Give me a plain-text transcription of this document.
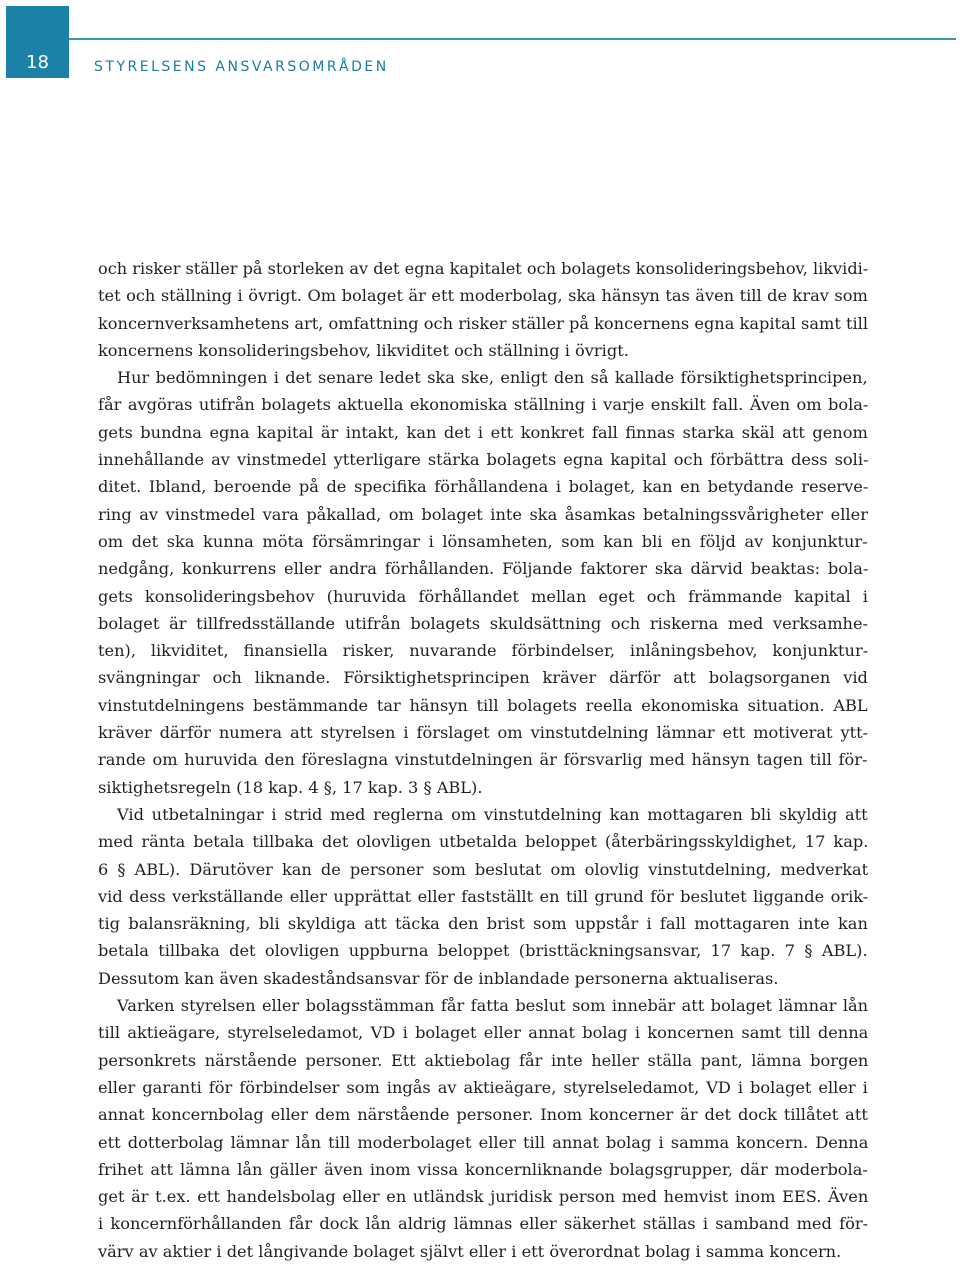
18	STYRELSENS ANSVARSOMRÅDEN
och risker ställer på storleken av det egna kapitalet och bolagets konsolideringsbehov, likvidi-
tet och ställning i övrigt. Om bolaget är ett moderbolag, ska hänsyn tas även till de krav som
koncernverksamhetens art, omfattning och risker ställer på koncernens egna kapital samt till
koncernens konsolideringsbehov, likviditet och ställning i övrigt.
Hur bedömningen i det senare ledet ska ske, enligt den så kallade försiktighetsprincipen,
får avgöras utifrån bolagets aktuella ekonomiska ställning i varje enskilt fall. Även om bola-
gets bundna egna kapital är intakt, kan det i ett konkret fall finnas starka skäl att genom
innehållande av vinstmedel ytterligare stärka bolagets egna kapital och förbättra dess soli-
ditet. Ibland, beroende på de specifika förhållandena i bolaget, kan en betydande reserve-
ring av vinstmedel vara påkallad, om bolaget inte ska åsamkas betalningssvårigheter eller
om det ska kunna möta försämringar i lönsamheten, som kan bli en följd av konjunktur-
nedgång, konkurrens eller andra förhållanden. Följande faktorer ska därvid beaktas: bola-
gets konsolideringsbehov (huruvida förhållandet mellan eget och främmande kapital i
bolaget är tillfredsställande utifrån bolagets skuldsättning och riskerna med verksamhe-
ten), likviditet, finansiella risker, nuvarande förbindelser, inlåningsbehov, konjunktur-
svängningar och liknande. Försiktighetsprincipen kräver därför att bolagsorganen vid
vinstutdelningens bestämmande tar hänsyn till bolagets reella ekonomiska situation. ABL
kräver därför numera att styrelsen i förslaget om vinstutdelning lämnar ett motiverat ytt-
rande om huruvida den föreslagna vinstutdelningen är försvarlig med hänsyn tagen till för-
siktighetsregeln (18 kap. 4 §, 17 kap. 3 § ABL).
Vid utbetalningar i strid med reglerna om vinstutdelning kan mottagaren bli skyldig att
med ränta betala tillbaka det olovligen utbetalda beloppet (återbäringsskyldighet, 17 kap.
6 § ABL). Därutöver kan de personer som beslutat om olovlig vinstutdelning, medverkat
vid dess verkställande eller upprättat eller fastställt en till grund för beslutet liggande orik-
tig balansräkning, bli skyldiga att täcka den brist som uppstår i fall mottagaren inte kan
betala tillbaka det olovligen uppburna beloppet (bristtäckningsansvar, 17 kap. 7 § ABL).
Dessutom kan även skadeståndsansvar för de inblandade personerna aktualiseras.
Varken styrelsen eller bolagsstämman får fatta beslut som innebär att bolaget lämnar lån
till aktieägare, styrelseledamot, VD i bolaget eller annat bolag i koncernen samt till denna
personkrets närstående personer. Ett aktiebolag får inte heller ställa pant, lämna borgen
eller garanti för förbindelser som ingås av aktieägare, styrelseledamot, VD i bolaget eller i
annat koncernbolag eller dem närstående personer. Inom koncerner är det dock tillåtet att
ett dotterbolag lämnar lån till moderbolaget eller till annat bolag i samma koncern. Denna
frihet att lämna lån gäller även inom vissa koncernliknande bolagsgrupper, där moderbola-
get är t.ex. ett handelsbolag eller en utländsk juridisk person med hemvist inom EES. Även
i koncernförhållanden får dock lån aldrig lämnas eller säkerhet ställas i samband med för-
värv av aktier i det långivande bolaget självt eller i ett överordnat bolag i samma koncern.
